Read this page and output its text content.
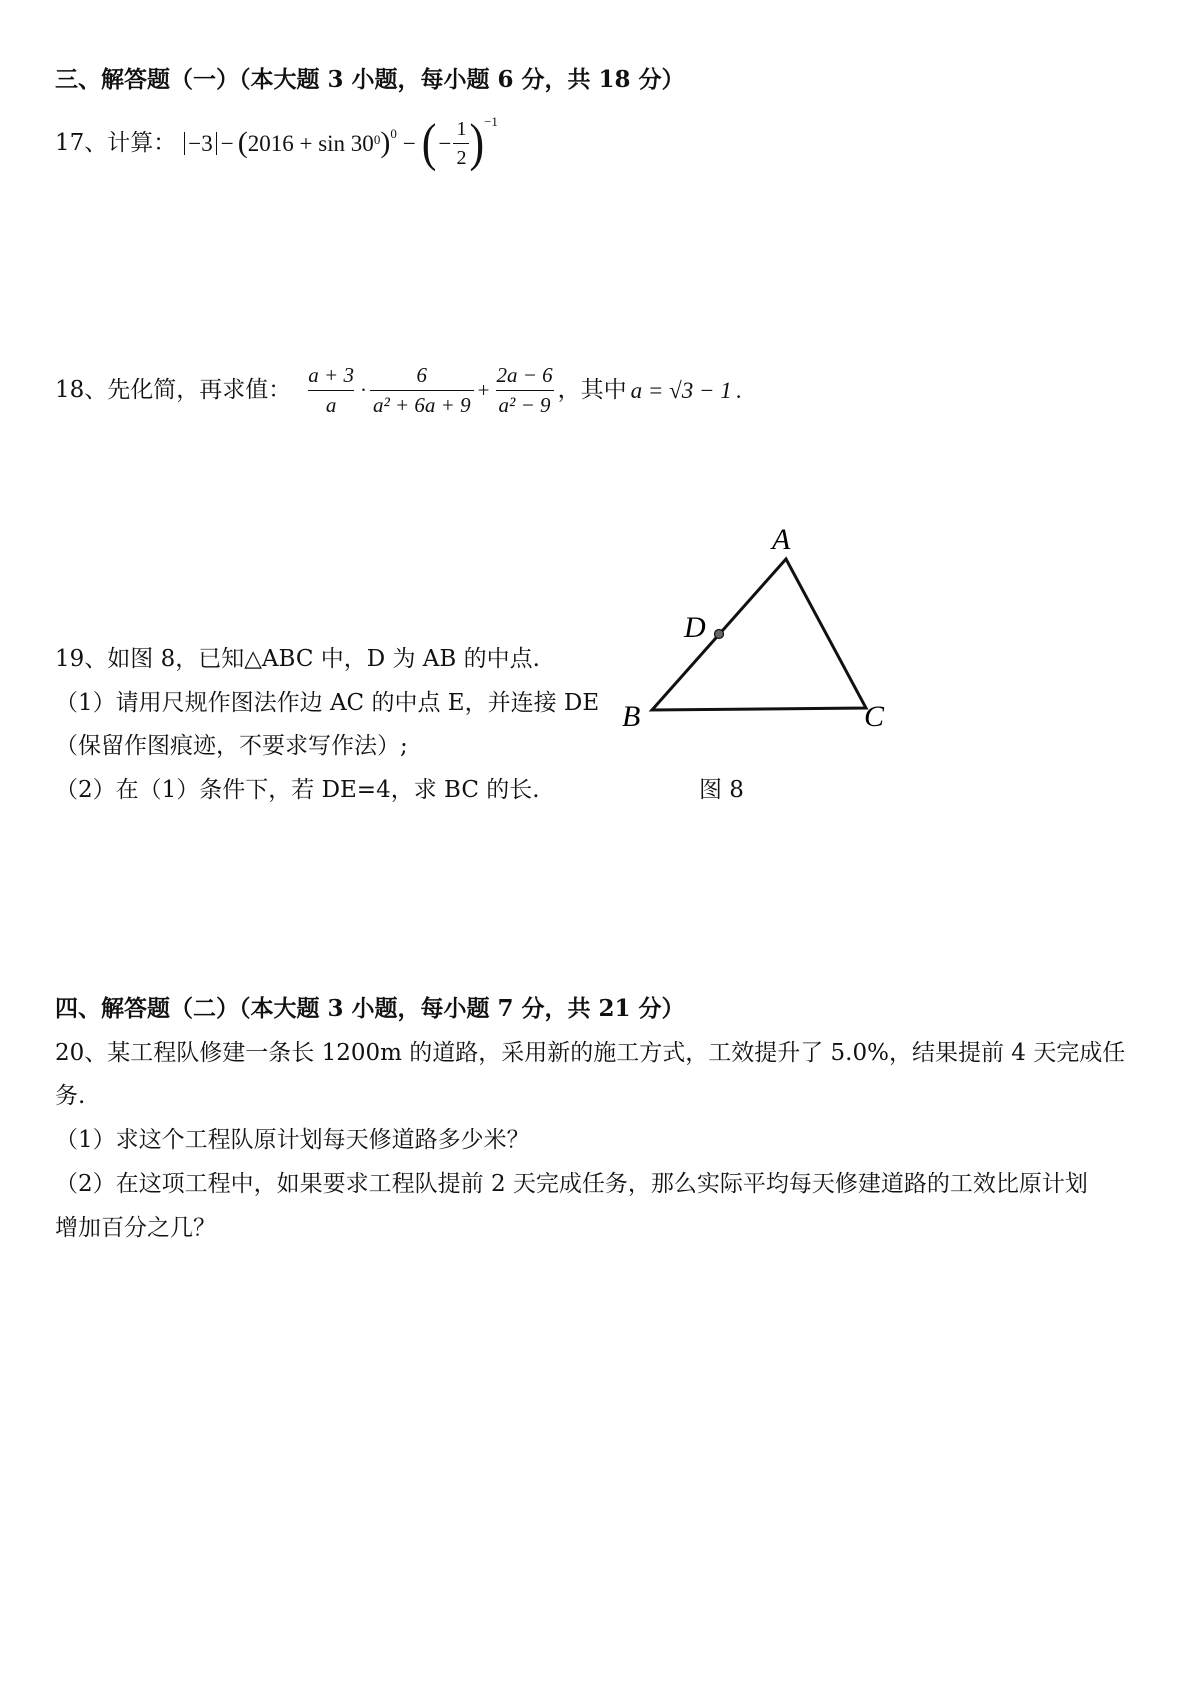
三、解答题（一）（本大题 3 小题，每小题 6 分，共 18 分）
17、计算： −3 − ( $2016 + \sin 30^0$ )$^0$ − ( − $\frac{1}{2} )^{-1}$
18、先化简，再求值： $\frac{a + 3}{a} \cdot \frac{6}{\text{a² + 6a + 9}} + \frac{2a - 6}{\text{a² − 9}}$ ，其中 a = √3 − 1 .
19、如图 8，已知△ABC 中，D 为 AB 的中点.
（1）请用尺规作图法作边 AC 的中点 E，并连接 DE
（保留作图痕迹，不要求写作法）;
（2）在（1）条件下，若 DE=4，求 BC 的长.
A
B	C
D
图 8
四、解答题（二）（本大题 3 小题，每小题 7 分，共 21 分）
20、某工程队修建一条长 1200m 的道路，采用新的施工方式，工效提升了 5.0%，结果提前 4 天完成任
务.
（1）求这个工程队原计划每天修道路多少米？
（2）在这项工程中，如果要求工程队提前 2 天完成任务，那么实际平均每天修建道路的工效比原计划
增加百分之几？
